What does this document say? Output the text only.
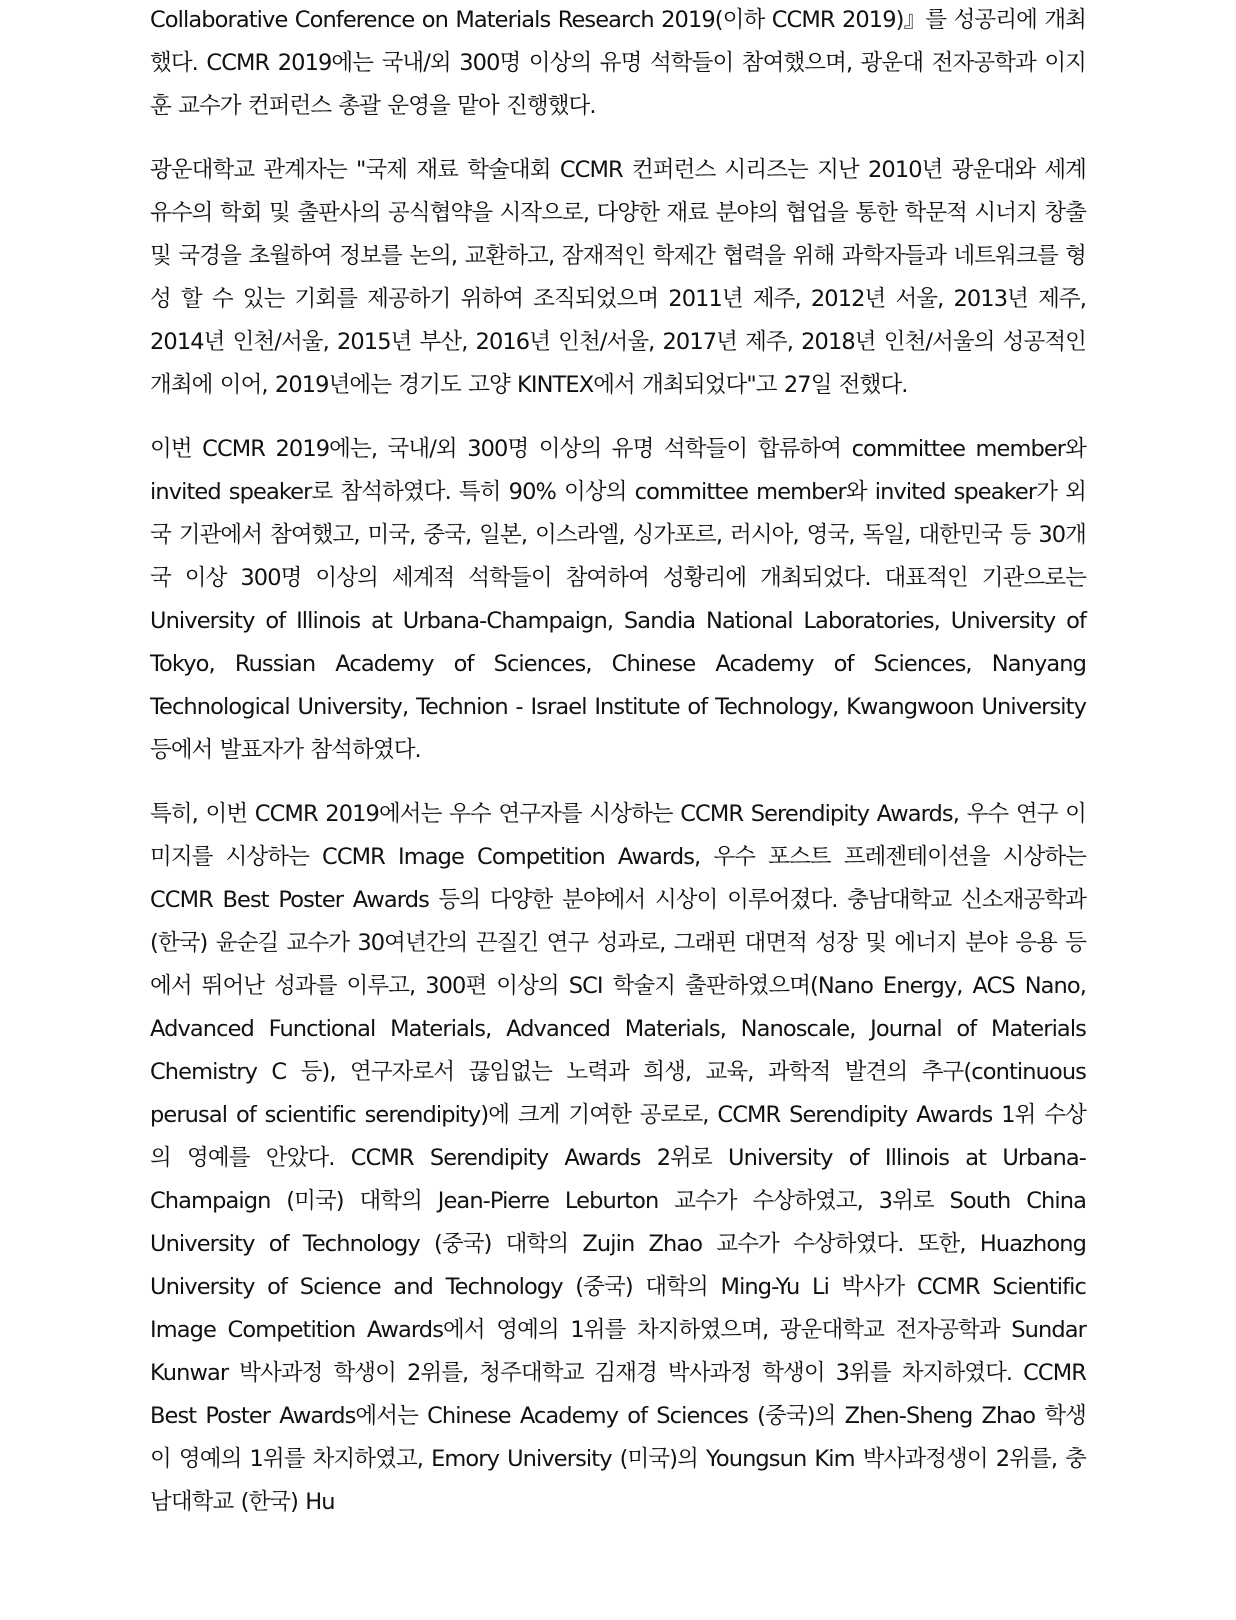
Collaborative Conference on Materials Research 2019(이하 CCMR 2019)』를 성공리에 개최했다. CCMR 2019에는 국내/외 300명 이상의 유명 석학들이 참여했으며, 광운대 전자공학과 이지훈 교수가 컨퍼런스 총괄 운영을 맡아 진행했다.

광운대학교 관계자는 "국제 재료 학술대회 CCMR 컨퍼런스 시리즈는 지난 2010년 광운대와 세계 유수의 학회 및 출판사의 공식협약을 시작으로, 다양한 재료 분야의 협업을 통한 학문적 시너지 창출 및 국경을 초월하여 정보를 논의, 교환하고, 잠재적인 학제간 협력을 위해 과학자들과 네트워크를 형성 할 수 있는 기회를 제공하기 위하여 조직되었으며 2011년 제주, 2012년 서울, 2013년 제주, 2014년 인천/서울, 2015년 부산, 2016년 인천/서울, 2017년 제주, 2018년 인천/서울의 성공적인 개최에 이어, 2019년에는 경기도 고양 KINTEX에서 개최되었다"고 27일 전했다.

이번 CCMR 2019에는, 국내/외 300명 이상의 유명 석학들이 합류하여 committee member와 invited speaker로 참석하였다. 특히 90% 이상의 committee member와 invited speaker가 외국 기관에서 참여했고, 미국, 중국, 일본, 이스라엘, 싱가포르, 러시아, 영국, 독일, 대한민국 등 30개국 이상 300명 이상의 세계적 석학들이 참여하여 성황리에 개최되었다. 대표적인 기관으로는 University of Illinois at Urbana-Champaign, Sandia National Laboratories, University of Tokyo, Russian Academy of Sciences, Chinese Academy of Sciences, Nanyang Technological University, Technion - Israel Institute of Technology, Kwangwoon University 등에서 발표자가 참석하였다.

특히, 이번 CCMR 2019에서는 우수 연구자를 시상하는 CCMR Serendipity Awards, 우수 연구 이미지를 시상하는 CCMR Image Competition Awards, 우수 포스트 프레젠테이션을 시상하는 CCMR Best Poster Awards 등의 다양한 분야에서 시상이 이루어졌다. 충남대학교 신소재공학과 (한국) 윤순길 교수가 30여년간의 끈질긴 연구 성과로, 그래핀 대면적 성장 및 에너지 분야 응용 등에서 뛰어난 성과를 이루고, 300편 이상의 SCI 학술지 출판하였으며(Nano Energy, ACS Nano, Advanced Functional Materials, Advanced Materials, Nanoscale, Journal of Materials Chemistry C 등), 연구자로서 끊임없는 노력과 희생, 교육, 과학적 발견의 추구(continuous perusal of scientific serendipity)에 크게 기여한 공로로, CCMR Serendipity Awards 1위 수상의 영예를 안았다. CCMR Serendipity Awards 2위로 University of Illinois at Urbana-Champaign (미국) 대학의 Jean-Pierre Leburton 교수가 수상하였고, 3위로 South China University of Technology (중국) 대학의 Zujin Zhao 교수가 수상하였다. 또한, Huazhong University of Science and Technology (중국) 대학의 Ming-Yu Li 박사가 CCMR Scientific Image Competition Awards에서 영예의 1위를 차지하였으며, 광운대학교 전자공학과 Sundar Kunwar 박사과정 학생이 2위를, 청주대학교 김재경 박사과정 학생이 3위를 차지하였다. CCMR Best Poster Awards에서는 Chinese Academy of Sciences (중국)의 Zhen-Sheng Zhao 학생이 영예의 1위를 차지하였고, Emory University (미국)의 Youngsun Kim 박사과정생이 2위를, 충남대학교 (한국) Hu
